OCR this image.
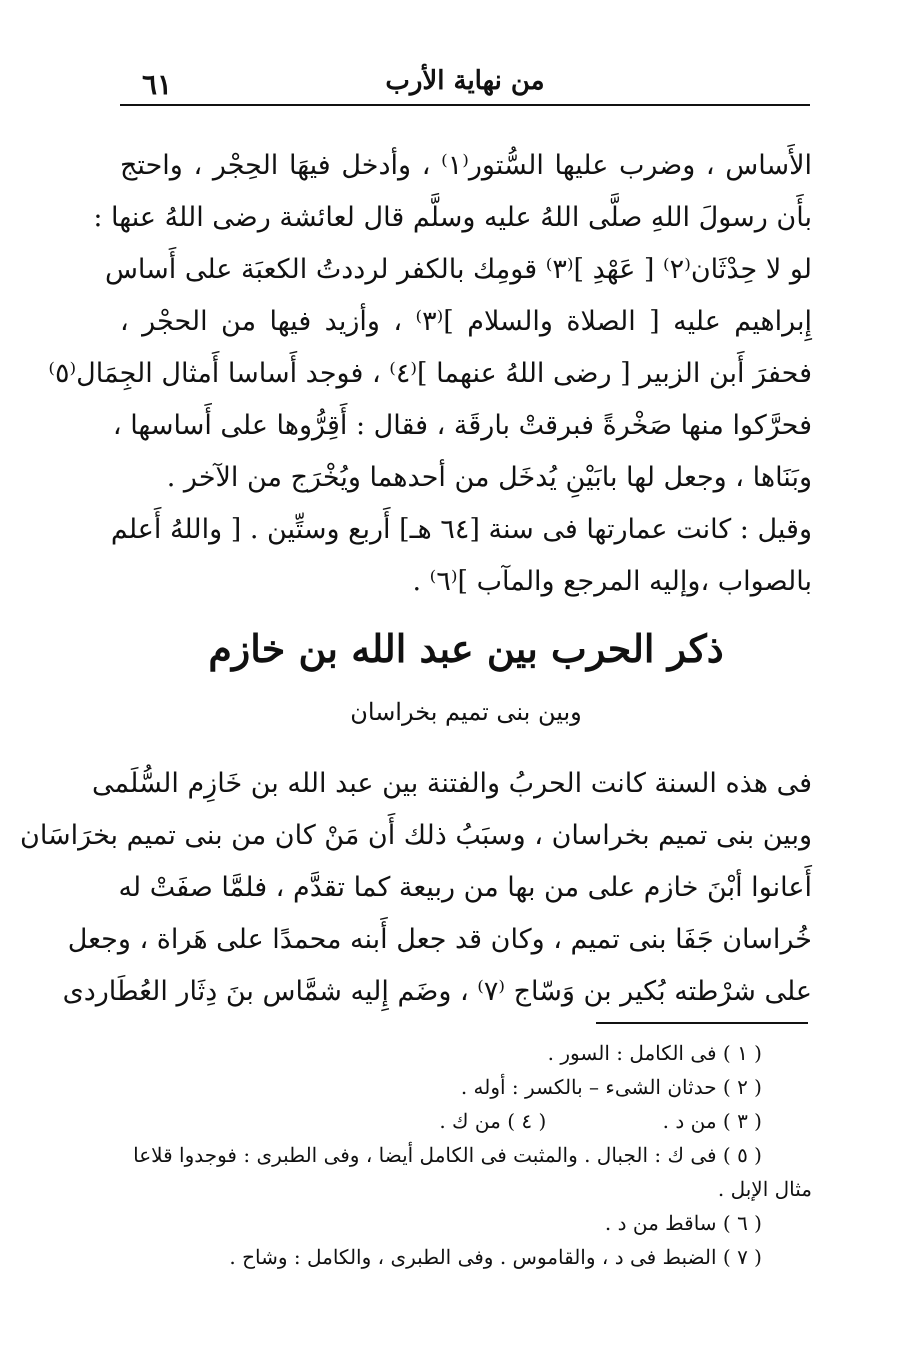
٦١	من نهاية الأرب

الأَساس ، وضرب عليها السُّتور⁽١⁾ ، وأدخل فيهَا الحِجْر ، واحتج

بأَن رسولَ اللهِ صلَّى اللهُ عليه وسلَّم قال لعائشة رضى اللهُ عنها :

لو لا حِدْثَان⁽٢⁾ [ عَهْدِ ]⁽٣⁾ قومِك بالكفر لرددتُ الكعبَة على أَساس

إِبراهيم عليه [ الصلاة والسلام ]⁽٣⁾ ، وأزيد فيها من الحجْر ،

فحفرَ أَبن الزبير [ رضى اللهُ عنهما ]⁽٤⁾ ، فوجد أَساسا أَمثال الجِمَال⁽٥⁾

فحرَّكوا منها صَخْرةً فبرقتْ بارقَة ، فقال : أَقِرُّوها على أَساسها ،

وبَنَاها ، وجعل لها بابَيْنِ يُدخَل من أحدهما ويُخْرَج من الآخر .

وقيل : كانت عمارتها فى سنة [٦٤ هـ] أَربع وستِّين . [ واللهُ أَعلم

بالصواب ،وإليه المرجع والمآب ]⁽٦⁾ .

ذكر الحرب بين عبد الله بن خازم
وبين بنى تميم بخراسان

فى هذه السنة كانت الحربُ والفتنة بين عبد الله بن خَازِم السُّلَمى

وبين بنى تميم بخراسان ، وسبَبُ ذلك أَن مَنْ كان من بنى تميم بخرَاسَان

أَعانوا أبْنَ خازم على من بها من ربيعة كما تقدَّم ، فلمَّا صفَتْ له

خُراسان جَفَا بنى تميم ، وكان قد جعل أَبنه محمدًا على هَراة ، وجعل

على شرْطته بُكير بن وَسّاج ⁽٧⁾ ، وضَم إِليه شمَّاس بنَ دِثَار العُطَاردى

( ١ ) فى الكامل : السور .

( ٢ ) حدثان الشىء – بالكسر : أوله .

( ٣ ) من د . ( ٤ ) من ك .

( ٥ ) فى ك : الجبال . والمثبت فى الكامل أيضا ، وفى الطبرى : فوجدوا قلاعا

مثال الإبل .

( ٦ ) ساقط من د .

( ٧ ) الضبط فى د ، والقاموس . وفى الطبرى ، والكامل : وشاح .
